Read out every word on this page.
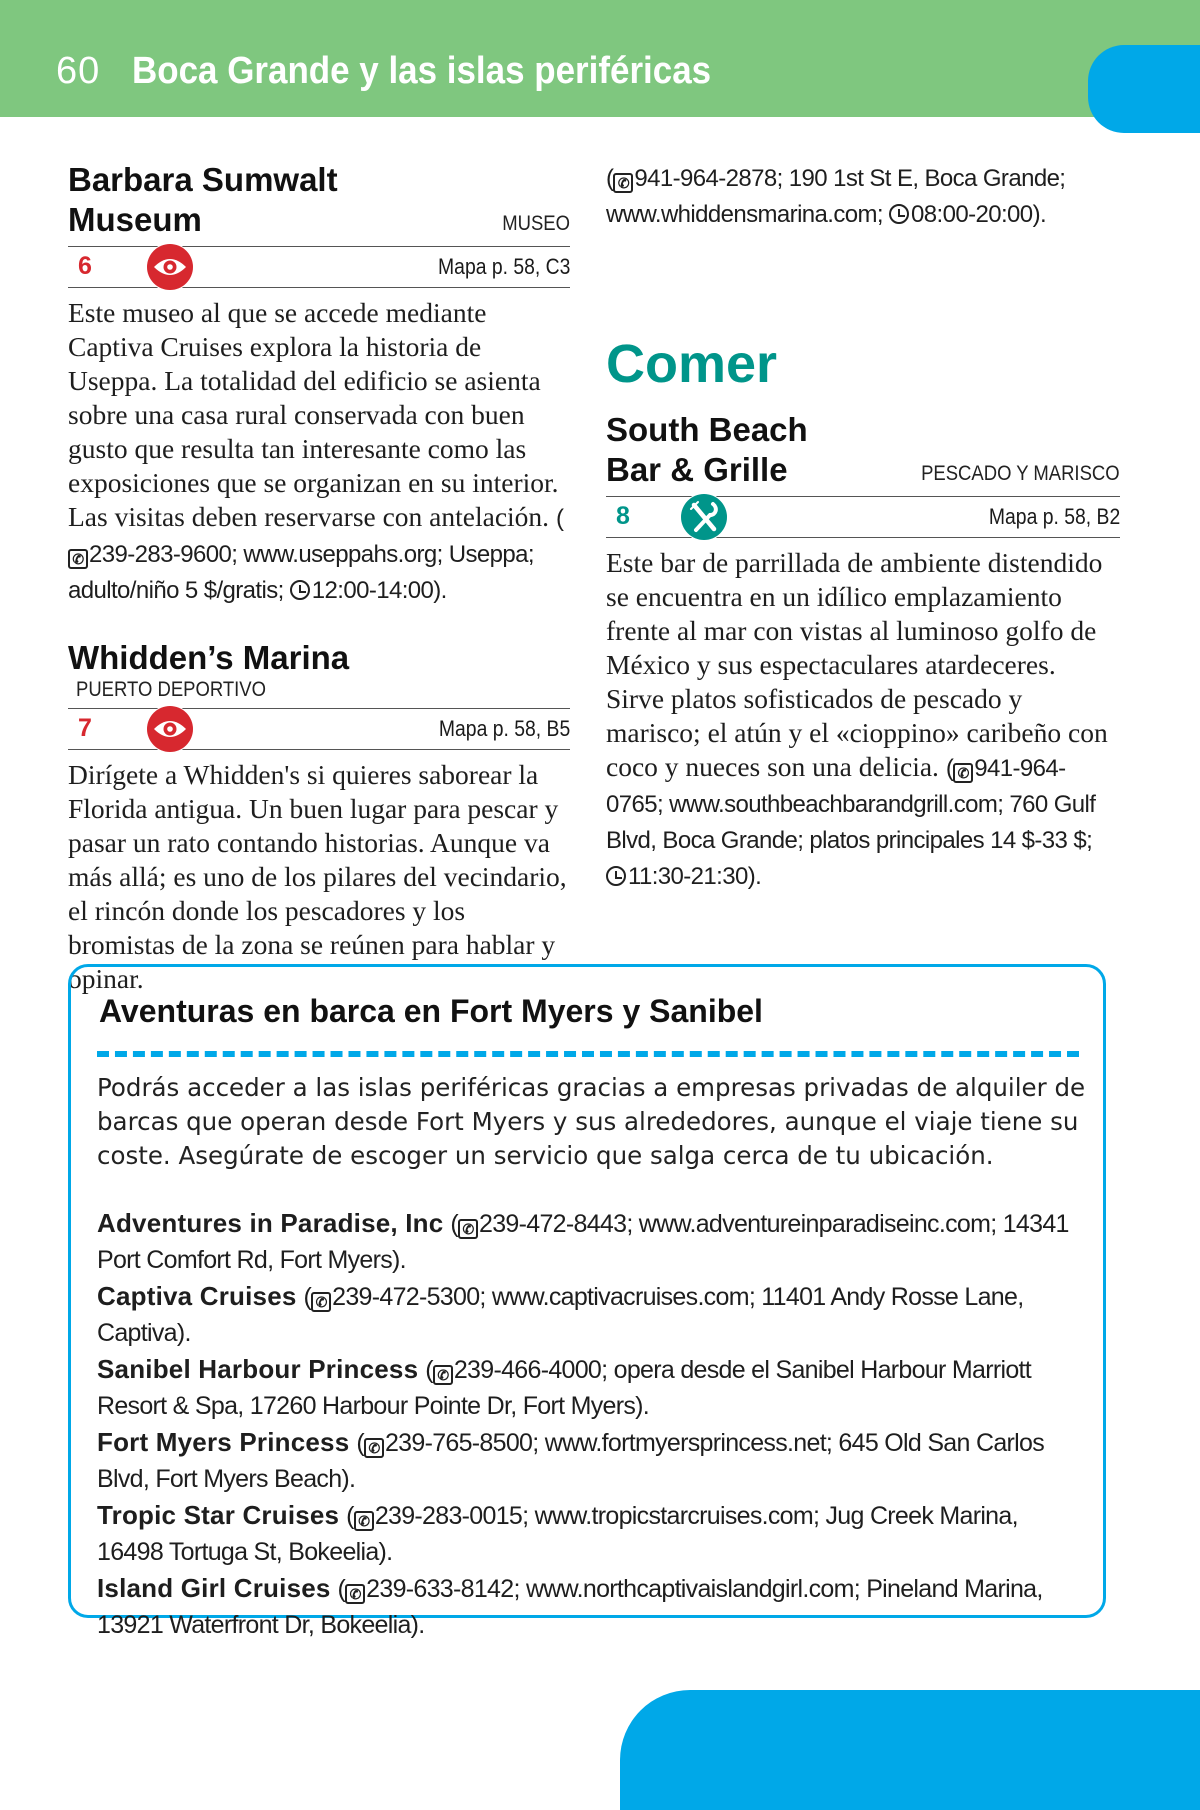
60 Boca Grande y las islas periféricas
Barbara Sumwalt Museum	MUSEO
6	Mapa p. 58, C3
Este museo al que se accede mediante Captiva Cruises explora la historia de Useppa. La totalidad del edificio se asienta sobre una casa rural conservada con buen gusto que resulta tan interesante como las exposiciones que se organizan en su interior. Las visitas deben reservarse con antelación. (✆ 239-283-9600; www.useppahs.org; Useppa; adulto/niño 5 $/gratis; 12:00-14:00).
Whidden’s MarinaPUERTO DEPORTIVO
7	Mapa p. 58, B5
Dirígete a Whidden's si quieres saborear la Florida antigua. Un buen lugar para pescar y pasar un rato contando historias. Aunque va más allá; es uno de los pilares del vecindario, el rincón donde los pescadores y los bromistas de la zona se reúnen para hablar y opinar.
( ✆ 941-964-2878; 190 1st St E, Boca Grande; www.whiddensmarina.com; 08:00-20:00).
Comer
South Beach
Bar & Grille	PESCADO Y MARISCO
8	Mapa p. 58, B2
Este bar de parrillada de ambiente distendido se encuentra en un idílico emplazamiento frente al mar con vistas al luminoso golfo de México y sus espectaculares atardeceres. Sirve platos sofisticados de pescado y marisco; el atún y el «cioppino» caribeño con coco y nueces son una delicia. ( ✆ 941-964-0765; www.southbeachbarandgrill.com; 760 Gulf Blvd, Boca Grande; platos principales 14 $-33 $; 11:30-21:30).
Aventuras en barca en Fort Myers y Sanibel
Podrás acceder a las islas periféricas gracias a empresas privadas de alquiler de barcas que operan desde Fort Myers y sus alrededores, aunque el viaje tiene su coste. Asegúrate de escoger un servicio que salga cerca de tu ubicación.

Adventures in Paradise, Inc ( ✆ 239-472-8443; www.adventureinparadiseinc.com; 14341 Port Comfort Rd, Fort Myers).

Captiva Cruises ( ✆ 239-472-5300; www.captivacruises.com; 11401 Andy Rosse Lane, Captiva).

Sanibel Harbour Princess ( ✆ 239-466-4000; opera desde el Sanibel Harbour Marriott Resort & Spa, 17260 Harbour Pointe Dr, Fort Myers).

Fort Myers Princess ( ✆ 239-765-8500; www.fortmyersprincess.net; 645 Old San Carlos Blvd, Fort Myers Beach).

Tropic Star Cruises ( ✆ 239-283-0015; www.tropicstarcruises.com; Jug Creek Marina, 16498 Tortuga St, Bokeelia).

Island Girl Cruises ( ✆ 239-633-8142; www.northcaptivaislandgirl.com; Pineland Marina, 13921 Waterfront Dr, Bokeelia).
